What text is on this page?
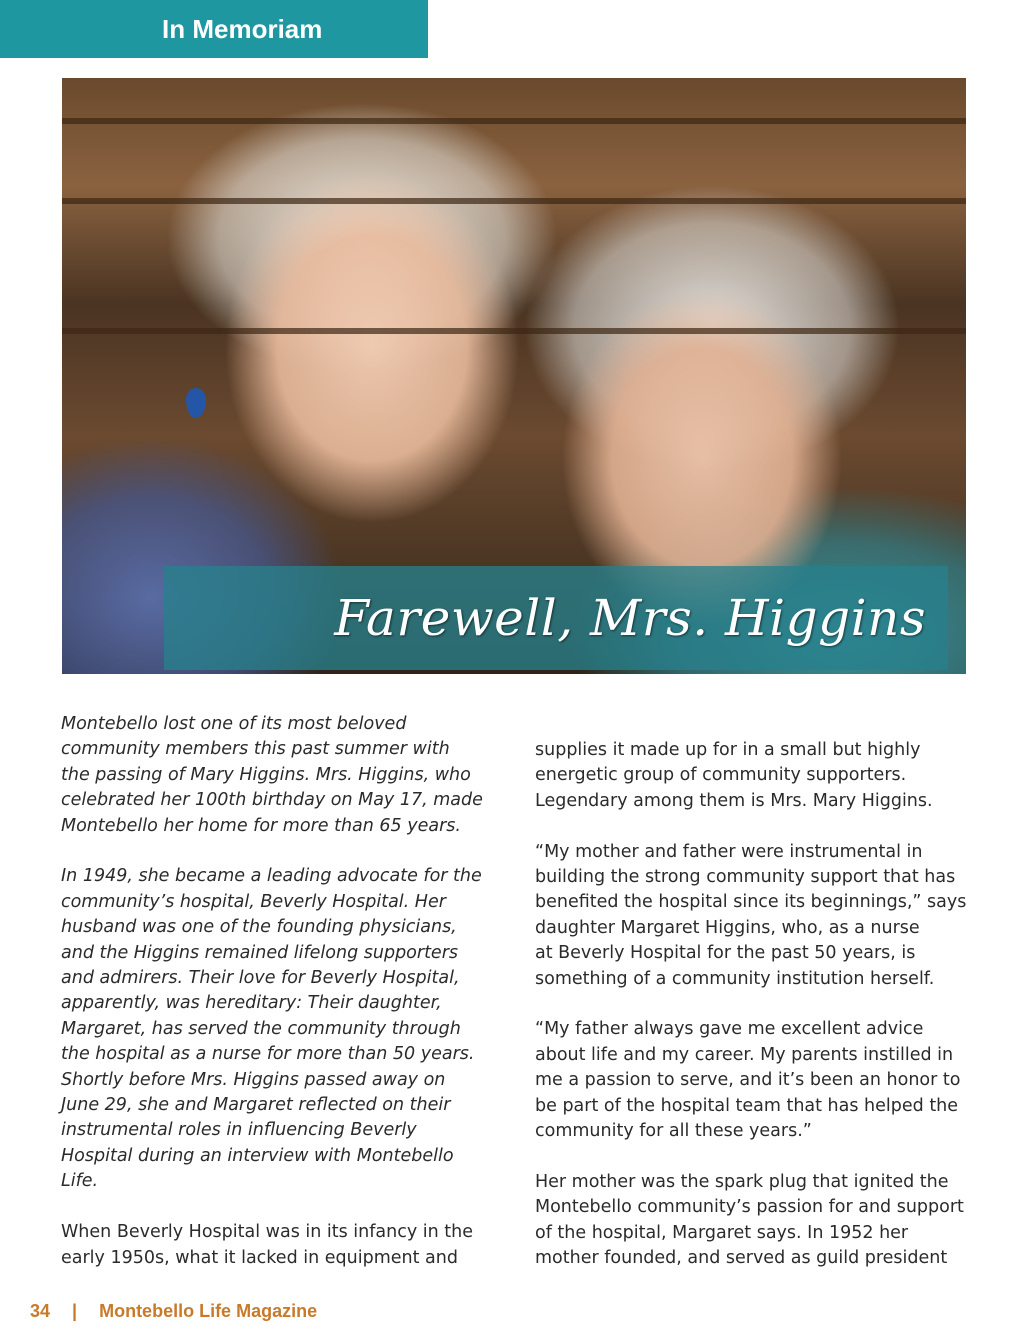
In Memoriam
Farewell, Mrs. Higgins

Montebello lost one of its most beloved
community members this past summer with
the passing of Mary Higgins. Mrs. Higgins, who
celebrated her 100th birthday on May 17, made
Montebello her home for more than 65 years.

In 1949, she became a leading advocate for the
community’s hospital, Beverly Hospital. Her
husband was one of the founding physicians,
and the Higgins remained lifelong supporters
and admirers. Their love for Beverly Hospital,
apparently, was hereditary: Their daughter,
Margaret, has served the community through
the hospital as a nurse for more than 50 years.
Shortly before Mrs. Higgins passed away on
June 29, she and Margaret reflected on their
instrumental roles in influencing Beverly
Hospital during an interview with Montebello
Life.

When Beverly Hospital was in its infancy in the
early 1950s, what it lacked in equipment and

supplies it made up for in a small but highly
energetic group of community supporters.
Legendary among them is Mrs. Mary Higgins.

“My mother and father were instrumental in
building the strong community support that has
benefited the hospital since its beginnings,” says
daughter Margaret Higgins, who, as a nurse
at Beverly Hospital for the past 50 years, is
something of a community institution herself.

“My father always gave me excellent advice
about life and my career. My parents instilled in
me a passion to serve, and it’s been an honor to
be part of the hospital team that has helped the
community for all these years.”

Her mother was the spark plug that ignited the
Montebello community’s passion for and support
of the hospital, Margaret says. In 1952 her
mother founded, and served as guild president

34 | Montebello Life Magazine
